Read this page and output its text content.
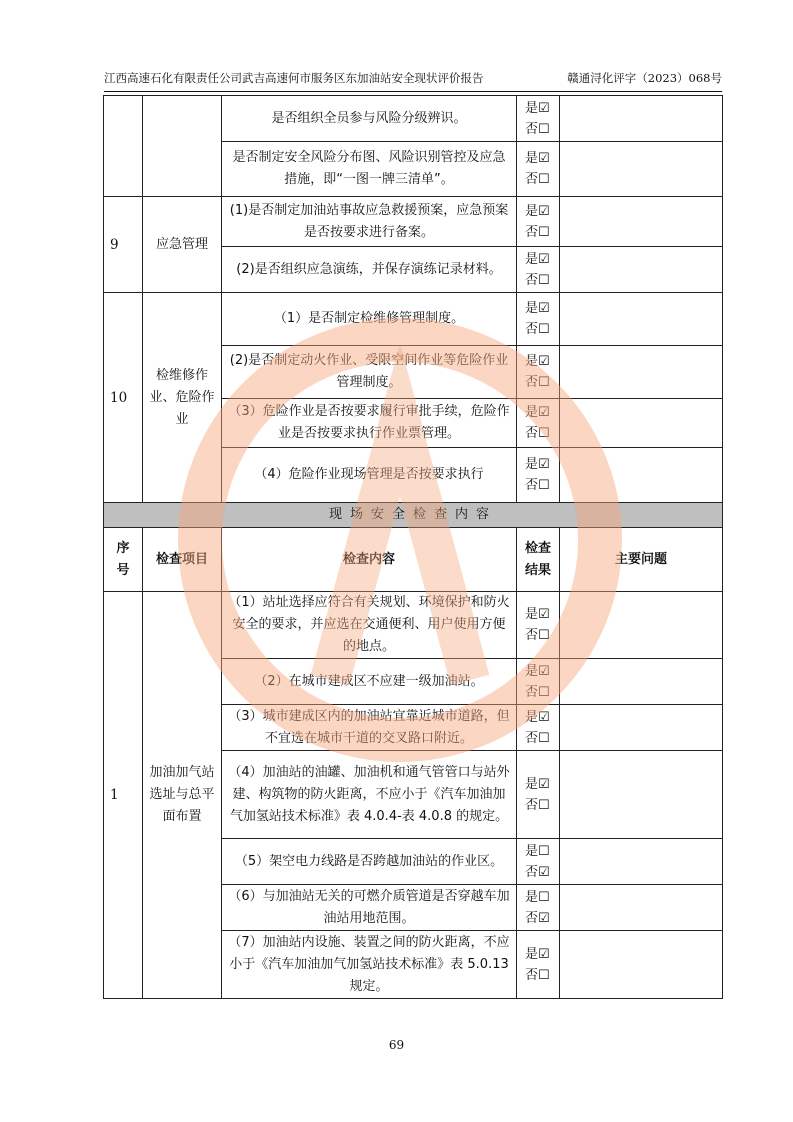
江西高速石化有限责任公司武吉高速何市服务区东加油站安全现状评价报告	赣通浔化评字（2023）068号
		是否组织全员参与风险分级辨识。	是☑
否☐	

		是否制定安全风险分布图、风险识别管控及应急措施，即“一图一牌三清单”。	是☑
否☐	

9	应急管理	(1)是否制定加油站事故应急救援预案，应急预案是否按要求进行备案。	是☑
否☐	

		(2)是否组织应急演练，并保存演练记录材料。	是☑
否☐	

10	检维修作业、危险作业	（1）是否制定检维修管理制度。	是☑
否☐	

		(2)是否制定动火作业、受限空间作业等危险作业管理制度。	是☑
否☐	

		（3）危险作业是否按要求履行审批手续，危险作业是否按要求执行作业票管理。	是☑
否☐	

		（4）危险作业现场管理是否按要求执行	是☑
否☐	

现场安全检查内容				
序号	检查项目	检查内容	检查结果	主要问题
1	加油加气站选址与总平面布置	（1）站址选择应符合有关规划、环境保护和防火安全的要求，并应选在交通便利、用户使用方便的地点。	是☑
否☐	

		（2）在城市建成区不应建一级加油站。	是☑
否☐	

		（3）城市建成区内的加油站宜靠近城市道路，但不宜选在城市干道的交叉路口附近。	是☑
否☐	

		（4）加油站的油罐、加油机和通气管管口与站外建、构筑物的防火距离，不应小于《汽车加油加气加氢站技术标准》表 4.0.4-表 4.0.8 的规定。	是☑
否☐	

		（5）架空电力线路是否跨越加油站的作业区。	是☐
否☑	

		（6）与加油站无关的可燃介质管道是否穿越车加油站用地范围。	是☐
否☑	

		（7）加油站内设施、装置之间的防火距离，不应小于《汽车加油加气加氢站技术标准》表 5.0.13 规定。	是☑
否☐	

69
